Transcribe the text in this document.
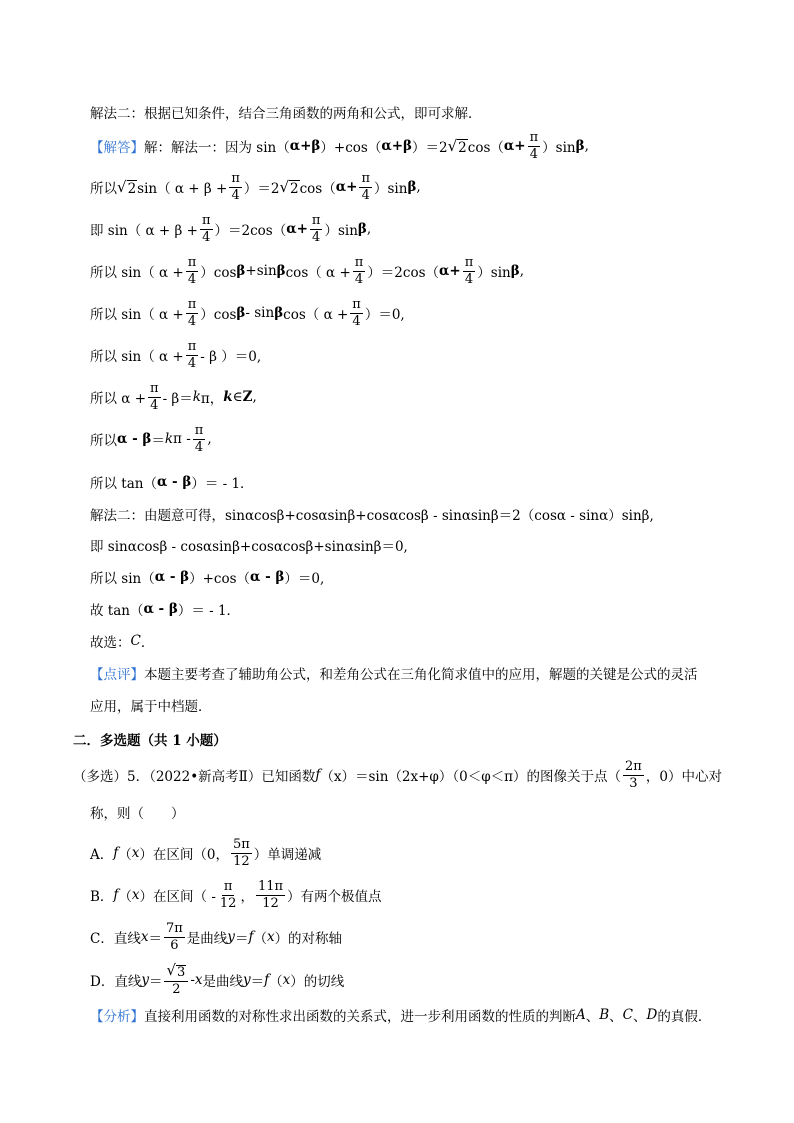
解法二：根据已知条件，结合三角函数的两角和公式，即可求解．
【解答】 解：解法一：因为 sin（ α+β ）+cos（ α+β ）＝2 √ 2 cos（ $\alpha+ \frac{\pi}{4} )\sin$ β ,
所以 √ 2 sin（ $\alpha + \beta + \frac{\pi}{4} )=2$ √ 2 cos（ $\alpha+ \frac{\pi}{4} )\sin$ β ,
即 sin（ $\alpha + \beta + \frac{\pi}{4} )=2\cos$（ $\alpha+ \frac{\pi}{4} )\sin$ β ,
所以 sin（ $\alpha + \frac{\pi}{4} )\cos$ β +sin β cos（ $\alpha + \frac{\pi}{4} )=2\cos$（ $\alpha+ \frac{\pi}{4} )\sin$ β ,
所以 sin（ $\alpha + \frac{\pi}{4} )\cos$ β - sin β cos（ $\alpha + \frac{\pi}{4} )=0$,
所以 sin（ $\alpha + \frac{\pi}{4} - \beta$ ）＝0,
所以 $\alpha + \frac{\pi}{4} - \beta= k$ π， k ∈ Z ,
所以 α - β ＝ k π - $\frac{\pi}{4}$ ,
所以 tan（ α - β ）＝ - 1．
解法二：由题意可得，sinαcosβ+cosαsinβ+cosαcosβ - sinαsinβ＝2（cosα - sinα）sinβ,
即 sinαcosβ - cosαsinβ+cosαcosβ+sinαsinβ＝0,
所以 sin（ α - β ）+cos（ α - β ）＝0,
故 tan（ α - β ）＝ - 1．
故选： C ．
【点评】 本题主要考查了辅助角公式，和差角公式在三角化简求值中的应用，解题的关键是公式的灵活
应用，属于中档题．
二．多选题（共 1 小题）
（多选）5．（2022•新高考Ⅱ）已知函数 f （x）＝sin（2x+φ）（0＜φ＜π）的图像关于点（ $\frac{2\pi}{3}$ ，0）中心对
称，则（　　）
A． f （ x ）在区间（0， $\frac{5\pi}{12}$ ）单调递减
B． f （ x ）在区间（ - $\frac{\pi}{12}$ ， $\frac{11\pi}{12}$ ）有两个极值点
C．直线 $x = \frac{7\pi}{6}$ 是曲线 y ＝ f （ x ）的对称轴
D．直线 $y = \frac{√ 3}{2} - x$ 是曲线 y ＝ f （ x ）的切线
【分析】 直接利用函数的对称性求出函数的关系式，进一步利用函数的性质的判断 A 、 B 、 C 、 D 的真假．
